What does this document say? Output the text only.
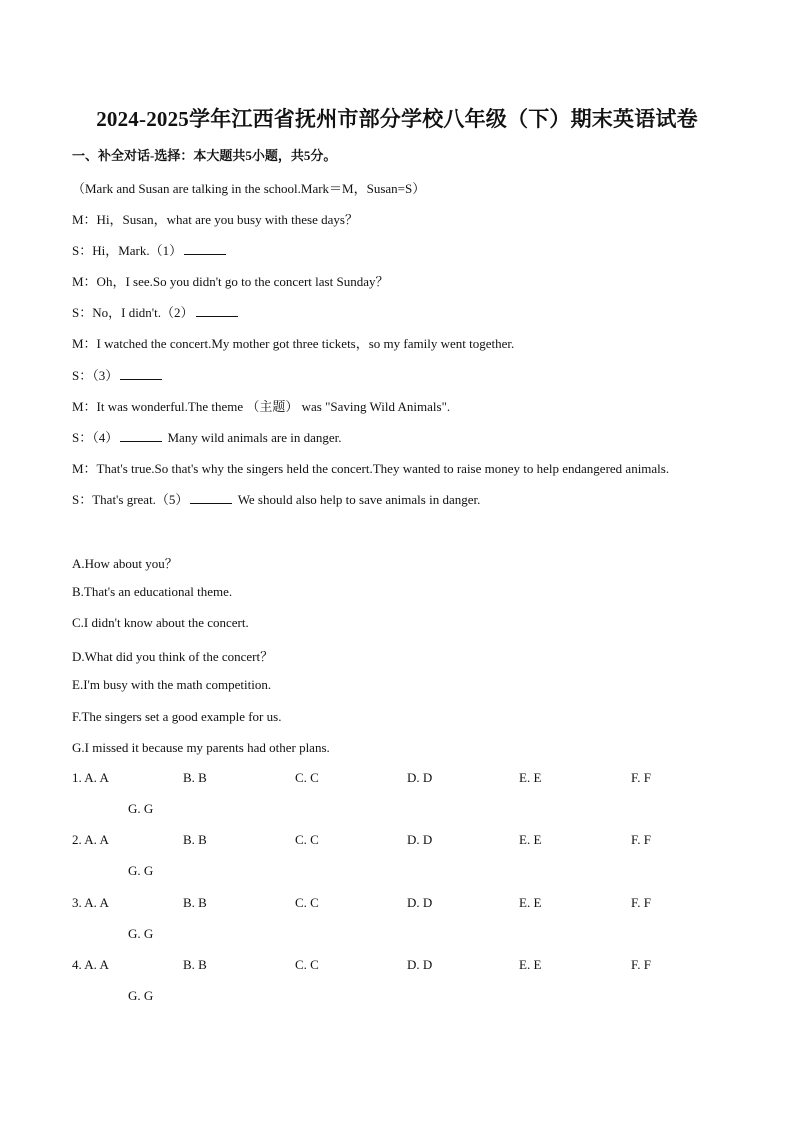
2024-2025学年江西省抚州市部分学校八年级（下）期末英语试卷
一、补全对话-选择：本大题共5小题，共5分。
（Mark and Susan are talking in the school.Mark＝M，Susan=S）
M：Hi，Susan，what are you busy with these days？
S：Hi，Mark.（1）
M：Oh，I see.So you didn't go to the concert last Sunday？
S：No，I didn't.（2）
M：I watched the concert.My mother got three tickets，so my family went together.
S：（3）
M：It was wonderful.The theme （主题） was "Saving Wild Animals".
S：（4）	Many wild animals are in danger.
M：That's true.So that's why the singers held the concert.They wanted to raise money to help endangered animals.
S：That's great.（5）	We should also help to save animals in danger.
A.How about you？
B.That's an educational theme.
C.I didn't know about the concert.
D.What did you think of the concert？
E.I'm busy with the math competition.
F.The singers set a good example for us.
G.I missed it because my parents had other plans.
1. A. A	B. B	C. C	D. D	E. E	F. F
G. G
2. A. A	B. B	C. C	D. D	E. E	F. F
G. G
3. A. A	B. B	C. C	D. D	E. E	F. F
G. G
4. A. A	B. B	C. C	D. D	E. E	F. F
G. G
